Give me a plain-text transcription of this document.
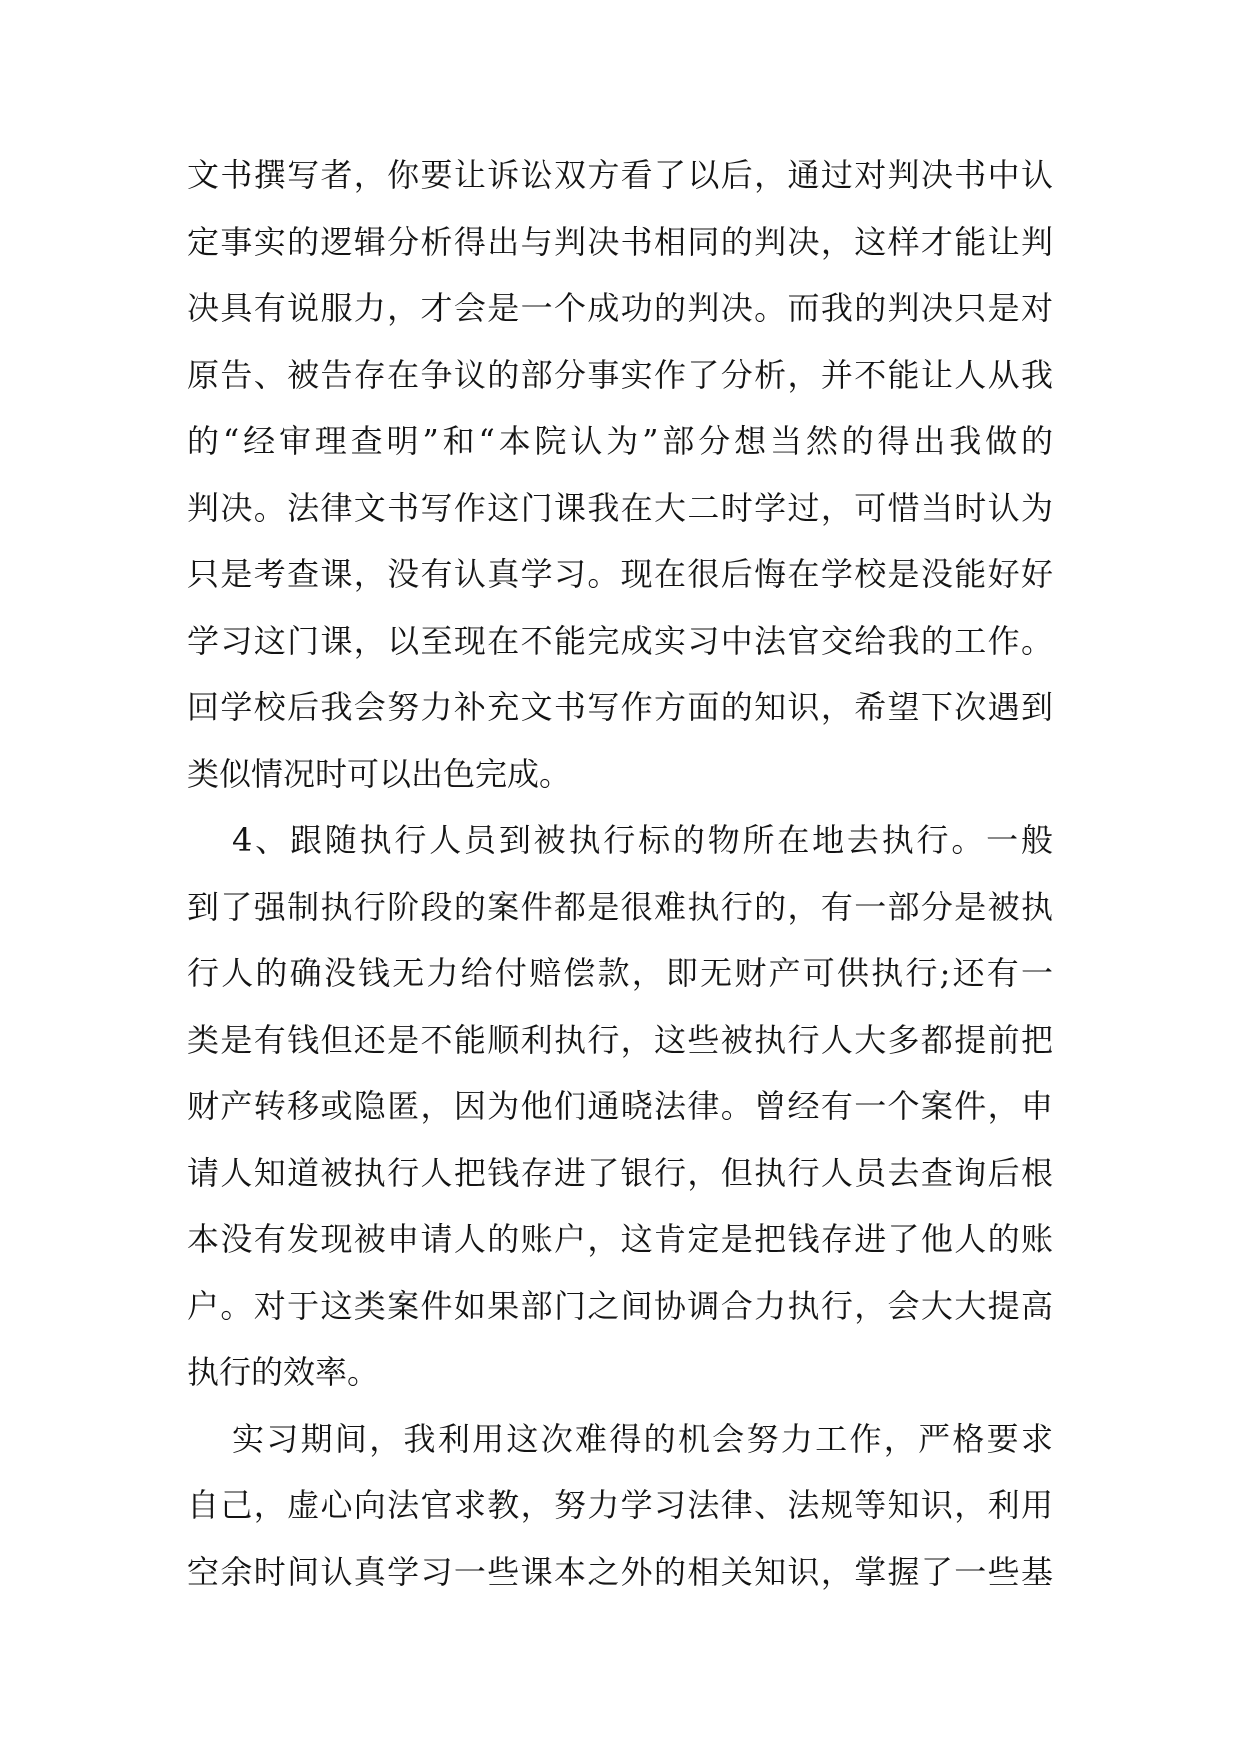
文书撰写者，你要让诉讼双方看了以后，通过对判决书中认
定事实的逻辑分析得出与判决书相同的判决，这样才能让判
决具有说服力，才会是一个成功的判决。而我的判决只是对
原告、被告存在争议的部分事实作了分析，并不能让人从我
的“经审理查明”和“本院认为”部分想当然的得出我做的
判决。法律文书写作这门课我在大二时学过，可惜当时认为
只是考查课，没有认真学习。现在很后悔在学校是没能好好
学习这门课，以至现在不能完成实习中法官交给我的工作。
回学校后我会努力补充文书写作方面的知识，希望下次遇到
类似情况时可以出色完成。
4、跟随执行人员到被执行标的物所在地去执行。一般
到了强制执行阶段的案件都是很难执行的，有一部分是被执
行人的确没钱无力给付赔偿款，即无财产可供执行;还有一
类是有钱但还是不能顺利执行，这些被执行人大多都提前把
财产转移或隐匿，因为他们通晓法律。曾经有一个案件，申
请人知道被执行人把钱存进了银行，但执行人员去查询后根
本没有发现被申请人的账户，这肯定是把钱存进了他人的账
户。对于这类案件如果部门之间协调合力执行，会大大提高
执行的效率。
实习期间，我利用这次难得的机会努力工作，严格要求
自己，虚心向法官求教，努力学习法律、法规等知识，利用
空余时间认真学习一些课本之外的相关知识，掌握了一些基
